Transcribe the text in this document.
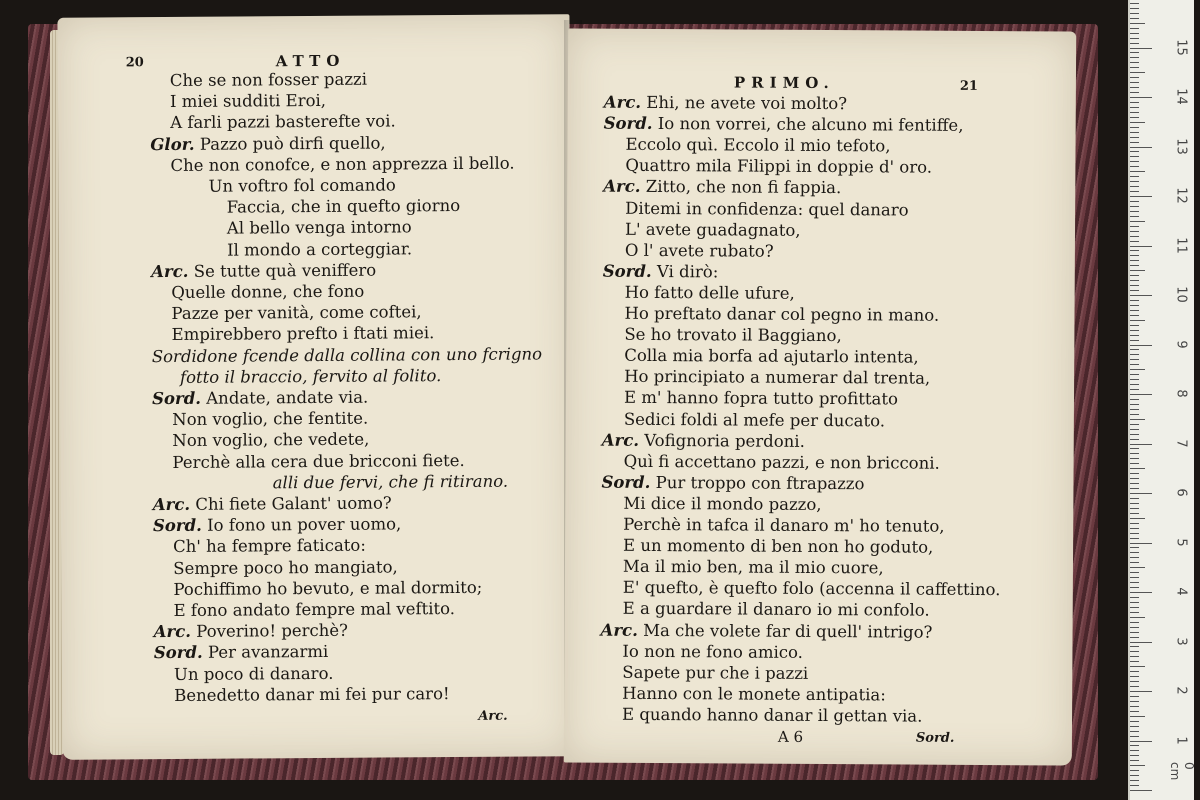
20	ATTO
Che se non fosser pazzi
I miei sudditi Eroi,
A farli pazzi basterefte voi.
Glor. Pazzo può dirfi quello,
Che non conofce, e non apprezza il bello.
Un voftro fol comando
Faccia, che in quefto giorno
Al bello venga intorno
Il mondo a corteggiar.
Arc. Se tutte quà veniffero
Quelle donne, che fono
Pazze per vanità, come coftei,
Empirebbero prefto i ftati miei.
Sordidone fcende dalla collina con uno fcrigno
fotto il braccio, fervito al folito.
Sord. Andate, andate via.
Non voglio, che fentite.
Non voglio, che vedete,
Perchè alla cera due bricconi fiete.
alli due fervi, che fi ritirano.
Arc. Chi fiete Galant' uomo?
Sord. Io fono un pover uomo,
Ch' ha fempre faticato:
Sempre poco ho mangiato,
Pochiffimo ho bevuto, e mal dormito;
E fono andato fempre mal veftito.
Arc. Poverino! perchè?
Sord. Per avanzarmi
Un poco di danaro.
Benedetto danar mi fei pur caro!
Arc.
PRIMO.	21
Arc. Ehi, ne avete voi molto?
Sord. Io non vorrei, che alcuno mi fentiffe,
Eccolo quì. Eccolo il mio tefoto,
Quattro mila Filippi in doppie d' oro.
Arc. Zitto, che non fi fappia.
Ditemi in confidenza: quel danaro
L' avete guadagnato,
O l' avete rubato?
Sord. Vi dirò:
Ho fatto delle ufure,
Ho preftato danar col pegno in mano.
Se ho trovato il Baggiano,
Colla mia borfa ad ajutarlo intenta,
Ho principiato a numerar dal trenta,
E m' hanno fopra tutto profittato
Sedici foldi al mefe per ducato.
Arc. Vofignoria perdoni.
Quì fi accettano pazzi, e non bricconi.
Sord. Pur troppo con ftrapazzo
Mi dice il mondo pazzo,
Perchè in tafca il danaro m' ho tenuto,
E un momento di ben non ho goduto,
Ma il mio ben, ma il mio cuore,
E' quefto, è quefto folo (accenna il caffettino.
E a guardare il danaro io mi confolo.
Arc. Ma che volete far di quell' intrigo?
Io non ne fono amico.
Sapete pur che i pazzi
Hanno con le monete antipatia:
E quando hanno danar il gettan via.
A 6	Sord.
0 cm
1
2
3
4
5
6
7
8
9
10
11
12
13
14
15
